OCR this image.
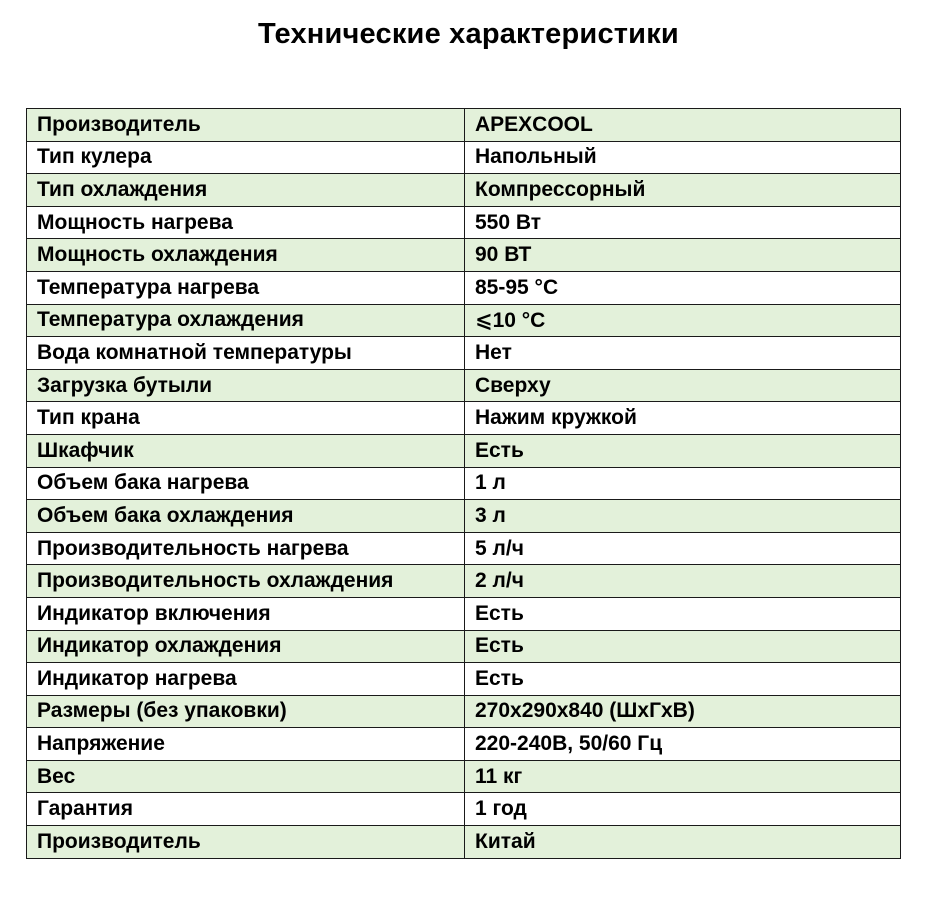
Технические характеристики
Производитель	APEXCOOL
Тип кулера	Напольный
Тип охлаждения	Компрессорный
Мощность нагрева	550 Вт
Мощность охлаждения	90 ВТ
Температура нагрева	85-95 °С
Температура охлаждения	⩽10 °С
Вода комнатной температуры	Нет
Загрузка бутыли	Сверху
Тип крана	Нажим кружкой
Шкафчик	Есть
Объем бака нагрева	1 л
Объем бака охлаждения	3 л
Производительность нагрева	5 л/ч
Производительность охлаждения	2 л/ч
Индикатор включения	Есть
Индикатор охлаждения	Есть
Индикатор нагрева	Есть
Размеры (без упаковки)	270х290х840 (ШхГхВ)
Напряжение	220-240В, 50/60 Гц
Вес	11 кг
Гарантия	1 год
Производитель	Китай
